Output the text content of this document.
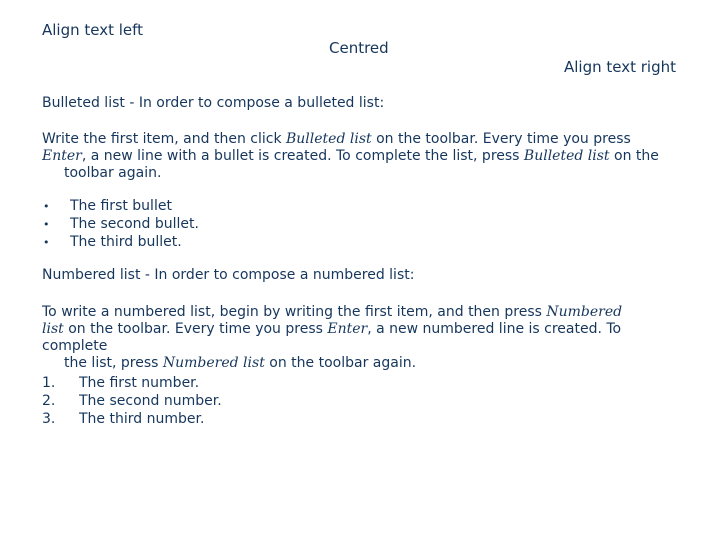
Align text left
Centred
Align text right
Bulleted list - In order to compose a bulleted list:
Write the first item, and then click Bulleted list on the toolbar. Every time you press
Enter, a new line with a bullet is created. To complete the list, press Bulleted list on the
toolbar again.
• The first bullet
• The second bullet.
• The third bullet.
Numbered list - In order to compose a numbered list:
To write a numbered list, begin by writing the first item, and then press Numbered
list on the toolbar. Every time you press Enter, a new numbered line is created. To complete
the list, press Numbered list on the toolbar again.
1. The first number.
2. The second number.
3. The third number.
